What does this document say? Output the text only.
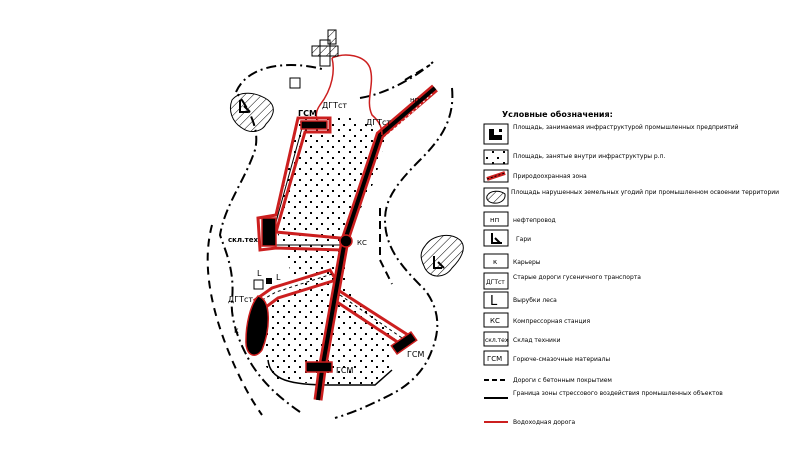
ГСМ
ДГТст
ДГТст
нп
скл.тех	КС
L L
ДГТст
к
ГСМ
ГСМ
Условные обозначения:
Площадь, занимаемая инфраструктурой промышленных предприятий
Площадь, занятые внутри инфраструктуры р.п.
Природоохранная зона
Площадь нарушенных земельных угодий при промышленном освоении территории
нп нефтепровод
Гари
к	Карьеры
ДГТст
Старые дороги гусеничного транспорта
L	Вырубки леса
КС Компрессорная станция
скл.тех Склад техники
ГСМ Горюче-смазочные материалы
Дороги с бетонным покрытием
Граница зоны стрессового воздействия промышленных объектов
Водоходная дорога
